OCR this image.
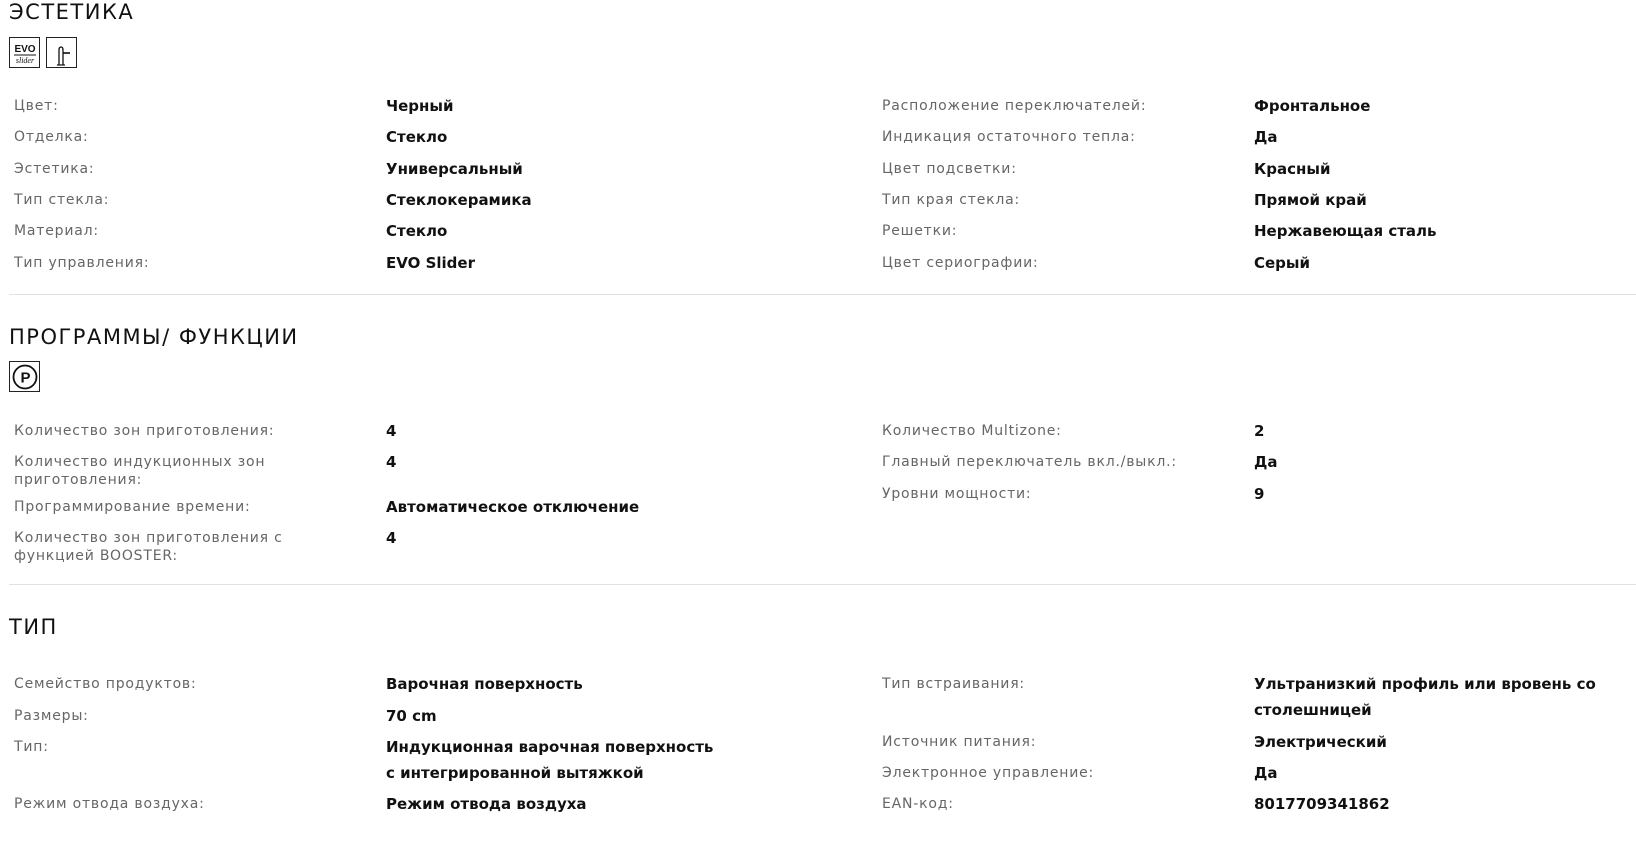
ЭСТЕТИКА
EVO
slider
Цвет:	Черный
Отделка:	Стекло
Эстетика:	Универсальный
Тип стекла:	Стеклокерамика
Материал:	Стекло
Тип управления:	EVO Slider
Расположение переключателей:	Фронтальное
Индикация остаточного тепла:	Да
Цвет подсветки:	Красный
Тип края стекла:	Прямой край
Решетки:	Нержавеющая сталь
Цвет сериографии:	Серый
ПРОГРАММЫ/ ФУНКЦИИ
P
Количество зон приготовления:	4
Количество индукционных зон приготовления:
4
Программирование времени:	Автоматическое отключение
Количество зон приготовления с функцией BOOSTER:
4
Количество Multizone:	2
Главный переключатель вкл./выкл.:	Да
Уровни мощности:	9
ТИП
Семейство продуктов:	Варочная поверхность
Размеры:	70 cm
Тип:	Индукционная варочная поверхность с интегрированной вытяжкой
Режим отвода воздуха:	Режим отвода воздуха
Тип встраивания:	Ультранизкий профиль или вровень со столешницей
Источник питания:	Электрический
Электронное управление:	Да
EAN-код:	8017709341862
